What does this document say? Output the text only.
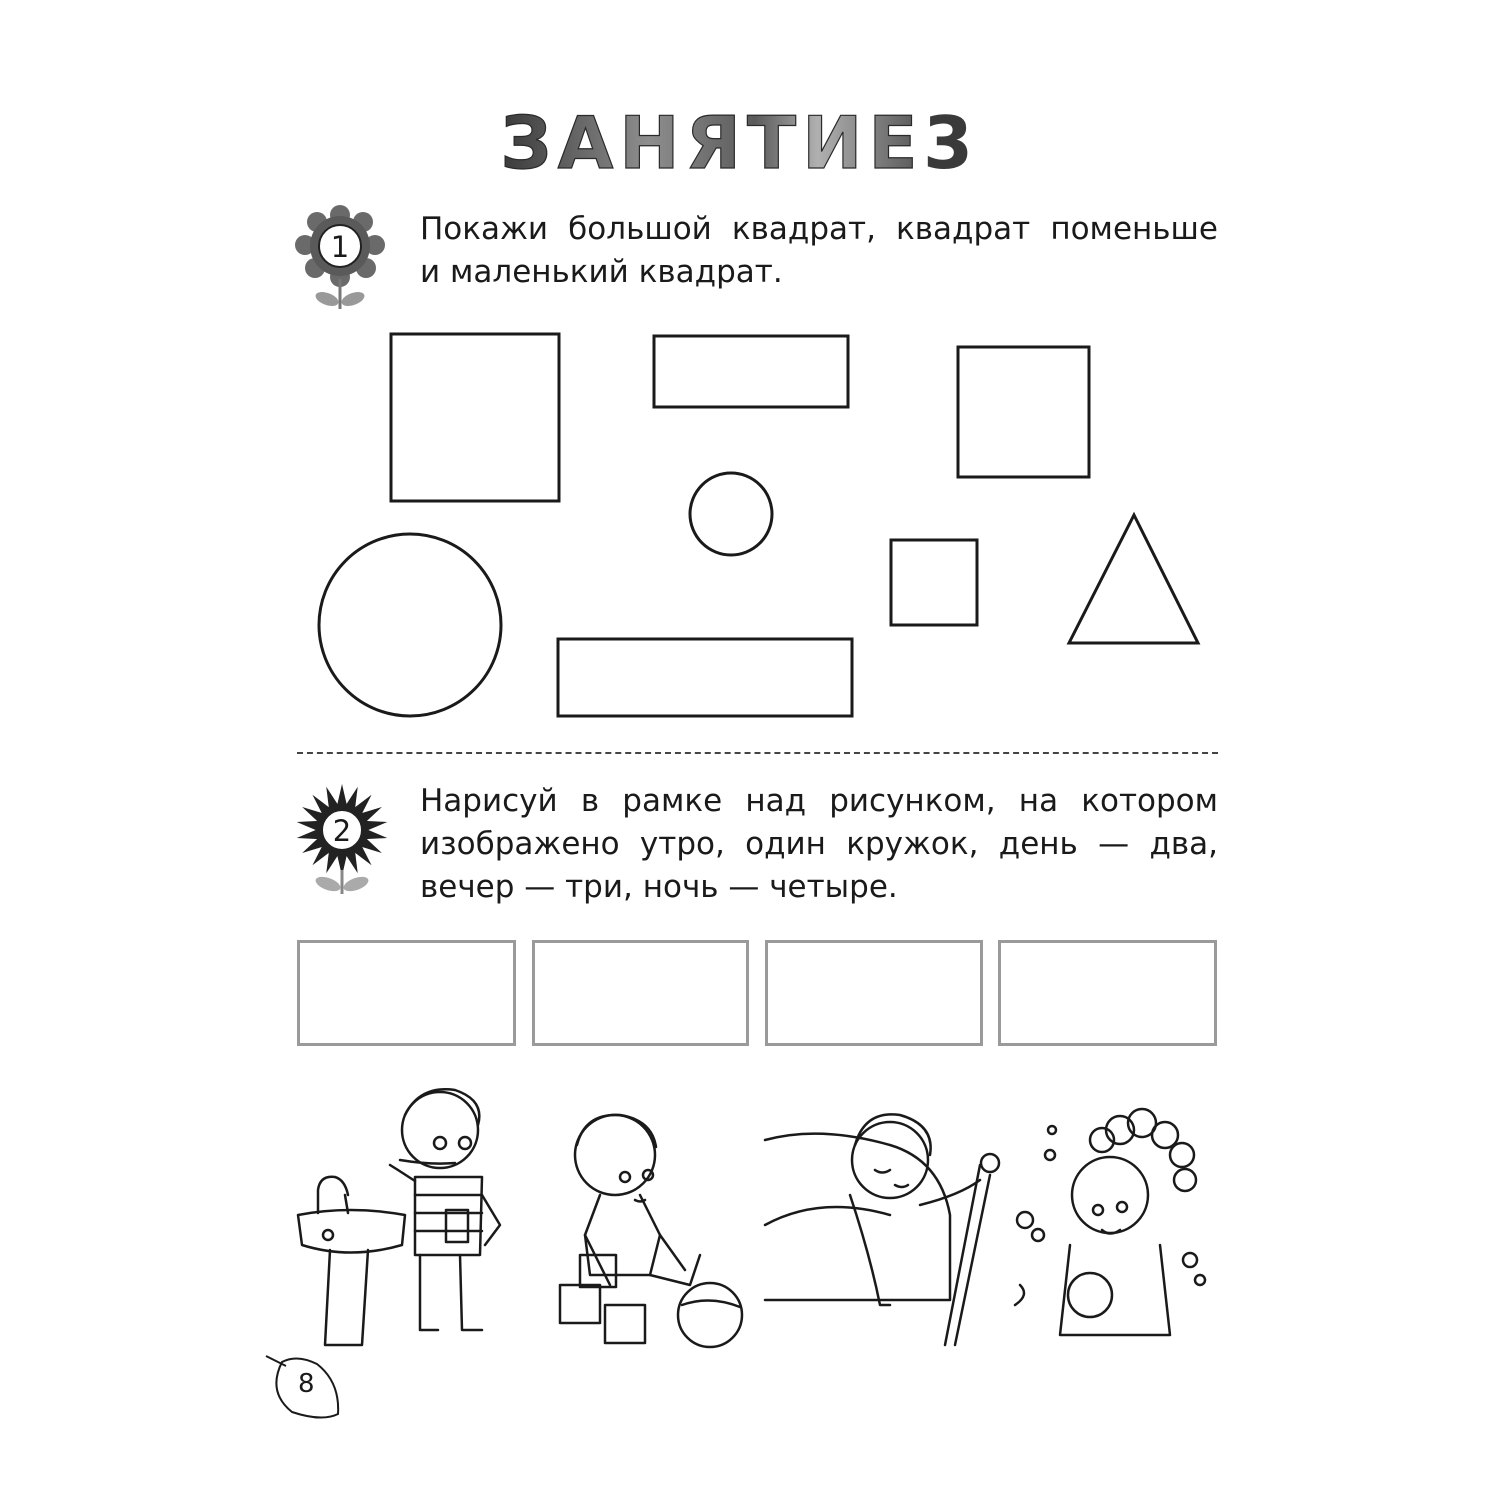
ЗАНЯТИЕ 3
1 Покажи большой квадрат, квадрат поменьше
и маленький квадрат.
2
Нарисуй в рамке над рисунком, на котором
изображено утро, один кружок, день — два,
вечер — три, ночь — четыре.
8
